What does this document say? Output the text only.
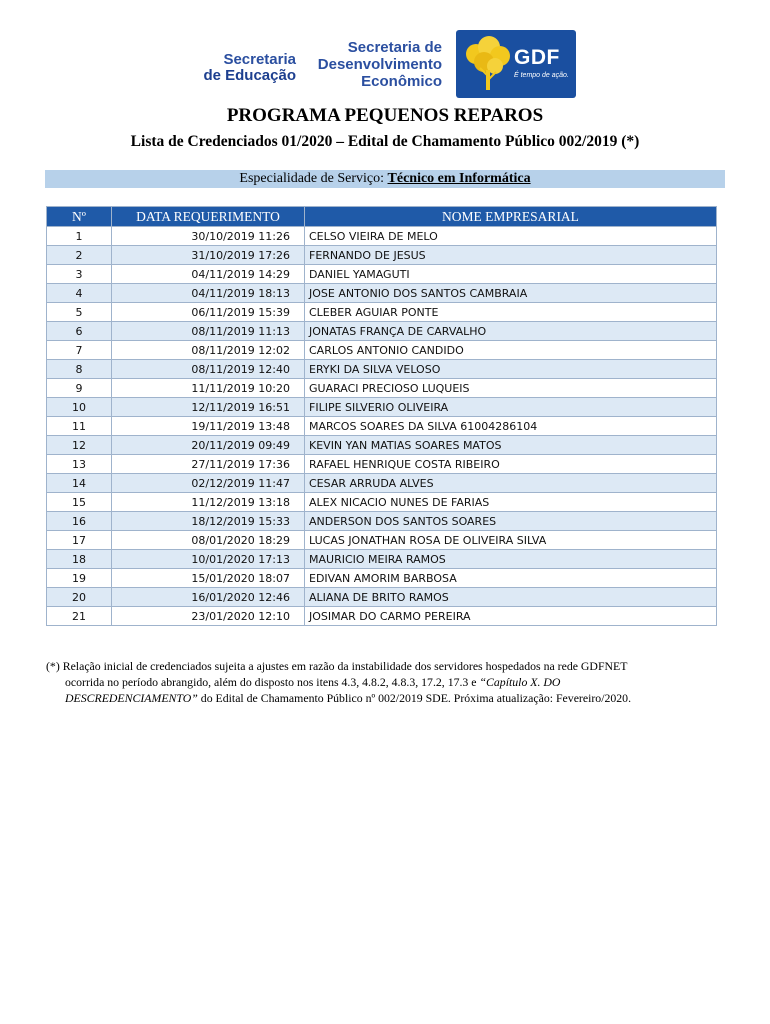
Secretaria
de Educação
Secretaria de
Desenvolvimento
Econômico
GDF
É tempo de ação.
PROGRAMA PEQUENOS REPAROS
Lista de Credenciados 01/2020 – Edital de Chamamento Público 002/2019 (*)
Especialidade de Serviço: Técnico em Informática
Nº	DATA REQUERIMENTO	NOME EMPRESARIAL
1	30/10/2019 11:26	CELSO VIEIRA DE MELO
2	31/10/2019 17:26	FERNANDO DE JESUS
3	04/11/2019 14:29	DANIEL YAMAGUTI
4	04/11/2019 18:13	JOSE ANTONIO DOS SANTOS CAMBRAIA
5	06/11/2019 15:39	CLEBER AGUIAR PONTE
6	08/11/2019 11:13	JONATAS FRANÇA DE CARVALHO
7	08/11/2019 12:02	CARLOS ANTONIO CANDIDO
8	08/11/2019 12:40	ERYKI DA SILVA VELOSO
9	11/11/2019 10:20	GUARACI PRECIOSO LUQUEIS
10	12/11/2019 16:51	FILIPE SILVERIO OLIVEIRA
11	19/11/2019 13:48	MARCOS SOARES DA SILVA 61004286104
12	20/11/2019 09:49	KEVIN YAN MATIAS SOARES MATOS
13	27/11/2019 17:36	RAFAEL HENRIQUE COSTA RIBEIRO
14	02/12/2019 11:47	CESAR ARRUDA ALVES
15	11/12/2019 13:18	ALEX NICACIO NUNES DE FARIAS
16	18/12/2019 15:33	ANDERSON DOS SANTOS SOARES
17	08/01/2020 18:29	LUCAS JONATHAN ROSA DE OLIVEIRA SILVA
18	10/01/2020 17:13	MAURICIO MEIRA RAMOS
19	15/01/2020 18:07	EDIVAN AMORIM BARBOSA
20	16/01/2020 12:46	ALIANA DE BRITO RAMOS
21	23/01/2020 12:10	JOSIMAR DO CARMO PEREIRA
(*) Relação inicial de credenciados sujeita a ajustes em razão da instabilidade dos servidores hospedados na rede GDFNET
ocorrida no período abrangido, além do disposto nos itens 4.3, 4.8.2, 4.8.3, 17.2, 17.3 e “Capítulo X. DO
DESCREDENCIAMENTO” do Edital de Chamamento Público nº 002/2019 SDE. Próxima atualização: Fevereiro/2020.
